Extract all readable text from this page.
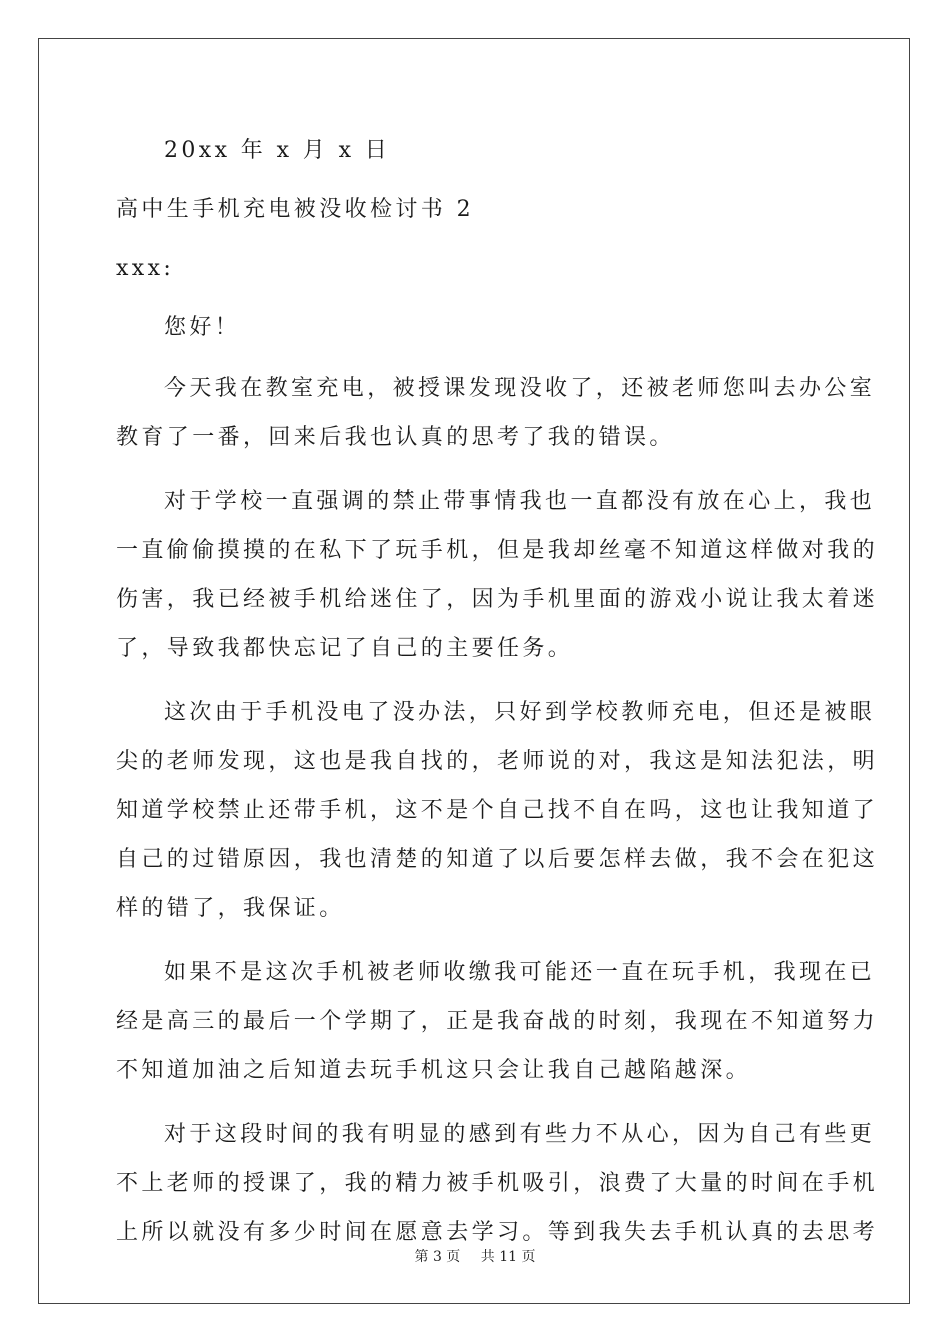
20xx 年 x 月 x 日

高中生手机充电被没收检讨书 2

xxx:

您好！

今天我在教室充电，被授课发现没收了，还被老师您叫去办公室

教育了一番，回来后我也认真的思考了我的错误。

对于学校一直强调的禁止带事情我也一直都没有放在心上，我也

一直偷偷摸摸的在私下了玩手机，但是我却丝毫不知道这样做对我的

伤害，我已经被手机给迷住了，因为手机里面的游戏小说让我太着迷

了，导致我都快忘记了自己的主要任务。

这次由于手机没电了没办法，只好到学校教师充电，但还是被眼

尖的老师发现，这也是我自找的，老师说的对，我这是知法犯法，明

知道学校禁止还带手机，这不是个自己找不自在吗，这也让我知道了

自己的过错原因，我也清楚的知道了以后要怎样去做，我不会在犯这

样的错了，我保证。

如果不是这次手机被老师收缴我可能还一直在玩手机，我现在已

经是高三的最后一个学期了，正是我奋战的时刻，我现在不知道努力

不知道加油之后知道去玩手机这只会让我自己越陷越深。

对于这段时间的我有明显的感到有些力不从心，因为自己有些更

不上老师的授课了，我的精力被手机吸引，浪费了大量的时间在手机

上所以就没有多少时间在愿意去学习。等到我失去手机认真的去思考

第 3 页 共 11 页
